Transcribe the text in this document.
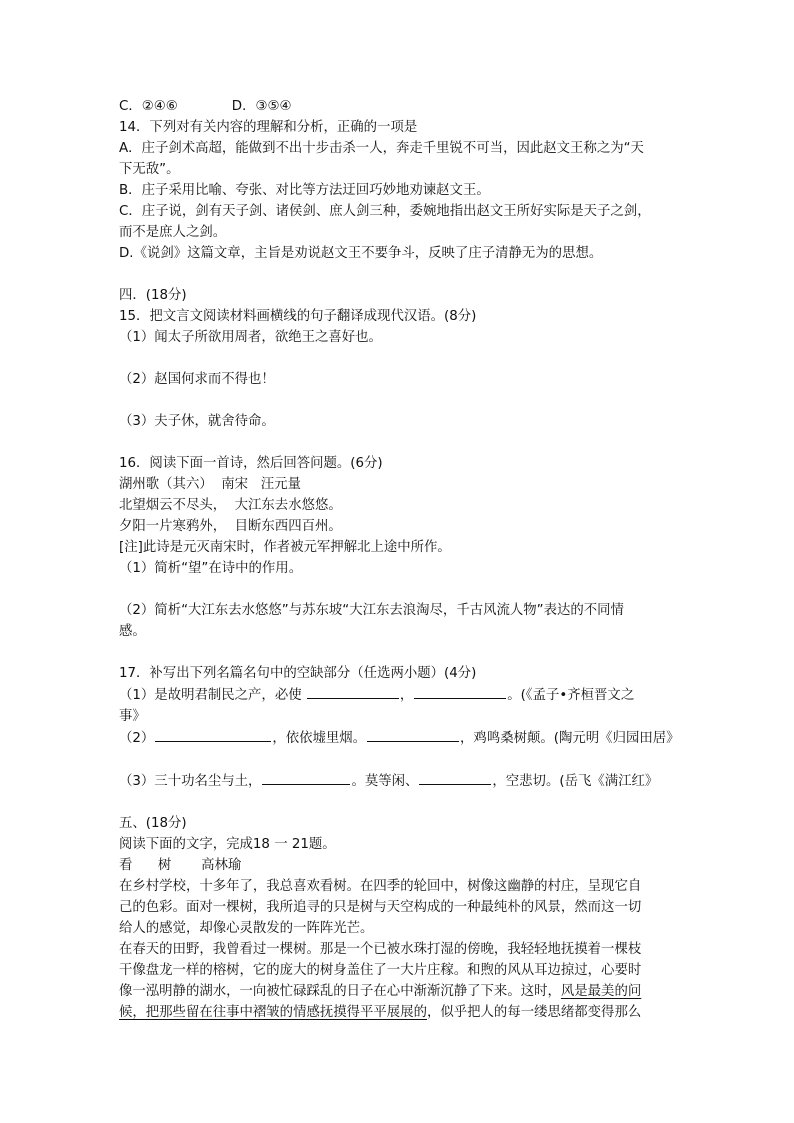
C．②④⑥	D．③⑤④
14．下列对有关内容的理解和分析，正确的一项是
A．庄子剑术高超，能做到不出十步击杀一人，奔走千里锐不可当，因此赵文王称之为“天
下无敌”。
B．庄子采用比喻、夸张、对比等方法迂回巧妙地劝谏赵文王。
C．庄子说，剑有天子剑、诸侯剑、庶人剑三种，委婉地指出赵文王所好实际是天子之剑，
而不是庶人之剑。
D.《说剑》这篇文章，主旨是劝说赵文王不要争斗，反映了庄子清静无为的思想。
四．(18分)
15．把文言文阅读材料画横线的句子翻译成现代汉语。(8分)
（1）闻太子所欲用周者，欲绝王之喜好也。
（2）赵国何求而不得也！
（3）夫子休，就舍待命。
16．阅读下面一首诗，然后回答问题。(6分)
湖州歌（其六）  南宋   汪元量
北望烟云不尽头，  大江东去水悠悠。
夕阳一片寒鸦外，  目断东西四百州。
[注]此诗是元灭南宋时，作者被元军押解北上途中所作。
（1）简析“望”在诗中的作用。
（2）简析“大江东去水悠悠”与苏东坡“大江东去浪淘尽，千古风流人物”表达的不同情
感。
17．补写出下列名篇名句中的空缺部分（任选两小题）(4分)
（1）是故明君制民之产，必使	，	。(《孟子•齐桓晋文之
事》
（2）	，依依墟里烟。	，鸡鸣桑树颠。(陶元明《归园田居》
（3）三十功名尘与土，	。莫等闲、	，空悲切。(岳飞《满江红》
五、(18分)
阅读下面的文字，完成18 一 21题。
看      树       高林瑜
在乡村学校，十多年了，我总喜欢看树。在四季的轮回中，树像这幽静的村庄，呈现它自
己的色彩。面对一棵树，我所追寻的只是树与天空构成的一种最纯朴的风景，然而这一切
给人的感觉，却像心灵散发的一阵阵光芒。
在春天的田野，我曾看过一棵树。那是一个已被水珠打湿的傍晚，我轻轻地抚摸着一棵枝
干像盘龙一样的榕树，它的庞大的树身盖住了一大片庄稼。和煦的风从耳边掠过，心要时
像一泓明静的湖水，一向被忙碌踩乱的日子在心中渐渐沉静了下来。这时，风是最美的问
候，把那些留在往事中褶皱的情感抚摸得平平展展的，似乎把人的每一缕思绪都变得那么
